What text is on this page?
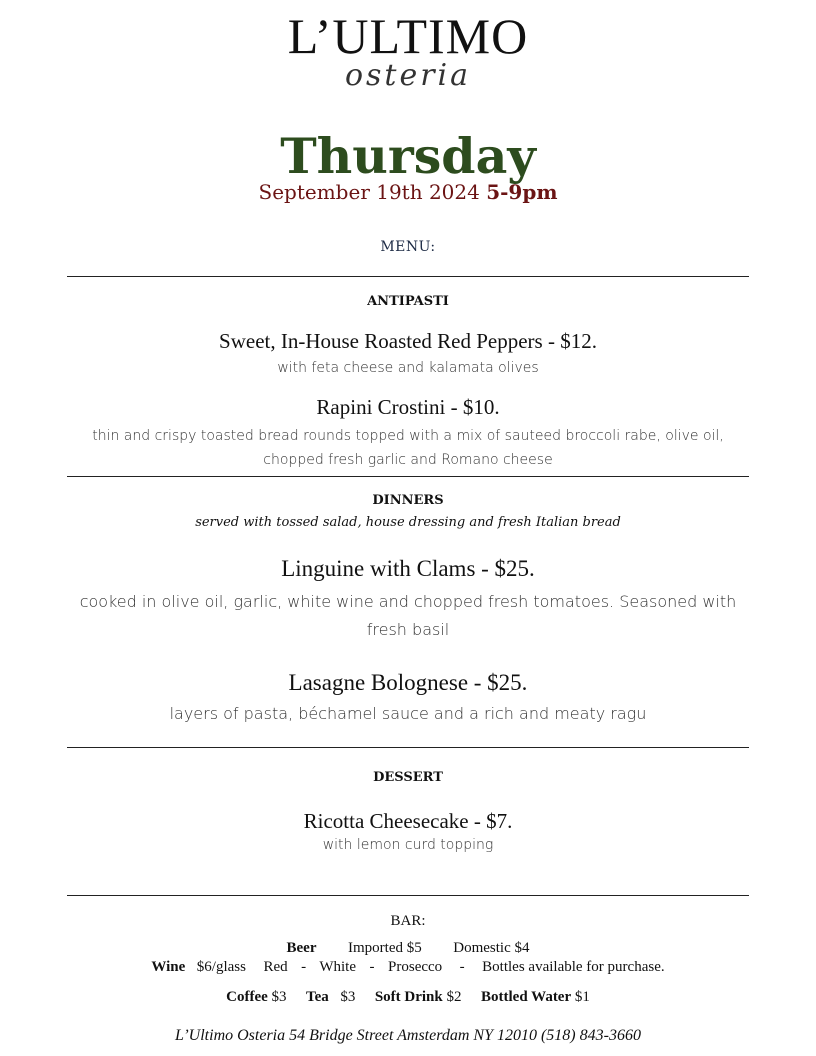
L’ULTIMO
osteria
Thursday
September 19th 2024 5-9pm
MENU:
ANTIPASTI
Sweet, In-House Roasted Red Peppers - $12.
with feta cheese and kalamata olives
Rapini Crostini - $10.
thin and crispy toasted bread rounds topped with a mix of sauteed broccoli rabe, olive oil, chopped fresh garlic and Romano cheese
DINNERS
served with tossed salad, house dressing and fresh Italian bread
Linguine with Clams - $25.
cooked in olive oil, garlic, white wine and chopped fresh tomatoes. Seasoned with fresh basil
Lasagne Bolognese - $25.
layers of pasta, béchamel sauce and a rich and meaty ragu
DESSERT
Ricotta Cheesecake - $7.
with lemon curd topping
BAR:
Beer Imported $5 Domestic $4
Wine $6/glass Red - White - Prosecco - Bottles available for purchase.
Coffee $3 Tea $3 Soft Drink $2 Bottled Water $1
L’Ultimo Osteria 54 Bridge Street Amsterdam NY 12010 (518) 843-3660
